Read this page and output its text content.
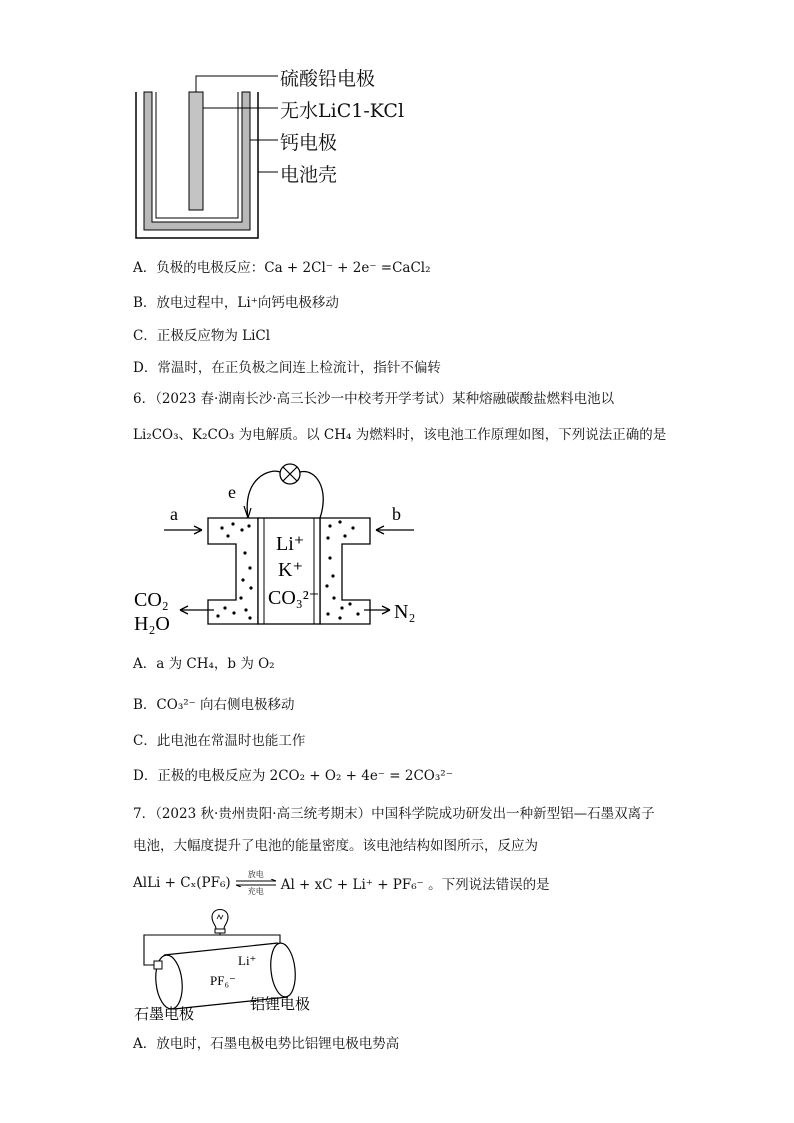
硫酸铅电极
无水LiC1-KCl
钙电极
电池壳
A．负极的电极反应：Ca + 2Cl⁻ + 2e⁻ =CaCl₂
B．放电过程中，Li⁺向钙电极移动
C．正极反应物为 LiCl
D．常温时，在正负极之间连上检流计，指针不偏转
6．（2023 春·湖南长沙·高三长沙一中校考开学考试）某种熔融碳酸盐燃料电池以
Li₂CO₃、K₂CO₃ 为电解质。以 CH₄ 为燃料时，该电池工作原理如图，下列说法正确的是
e
a	b
Li⁺
K⁺
CO₃²⁻
CO₂
H₂O
N₂
A．a 为 CH₄，b 为 O₂
B．CO₃²⁻ 向右侧电极移动
C．此电池在常温时也能工作
D．正极的电极反应为 2CO₂ + O₂ + 4e⁻ = 2CO₃²⁻
7．（2023 秋·贵州贵阳·高三统考期末）中国科学院成功研发出一种新型铝—石墨双离子
电池，大幅度提升了电池的能量密度。该电池结构如图所示，反应为
AlLi + Cₓ(PF₆)
放电
充电 Al + xC + Li⁺ + PF₆⁻ 。下列说法错误的是
Li⁺
PF₆⁻
石墨电极
铝锂电极
A．放电时，石墨电极电势比铝锂电极电势高
